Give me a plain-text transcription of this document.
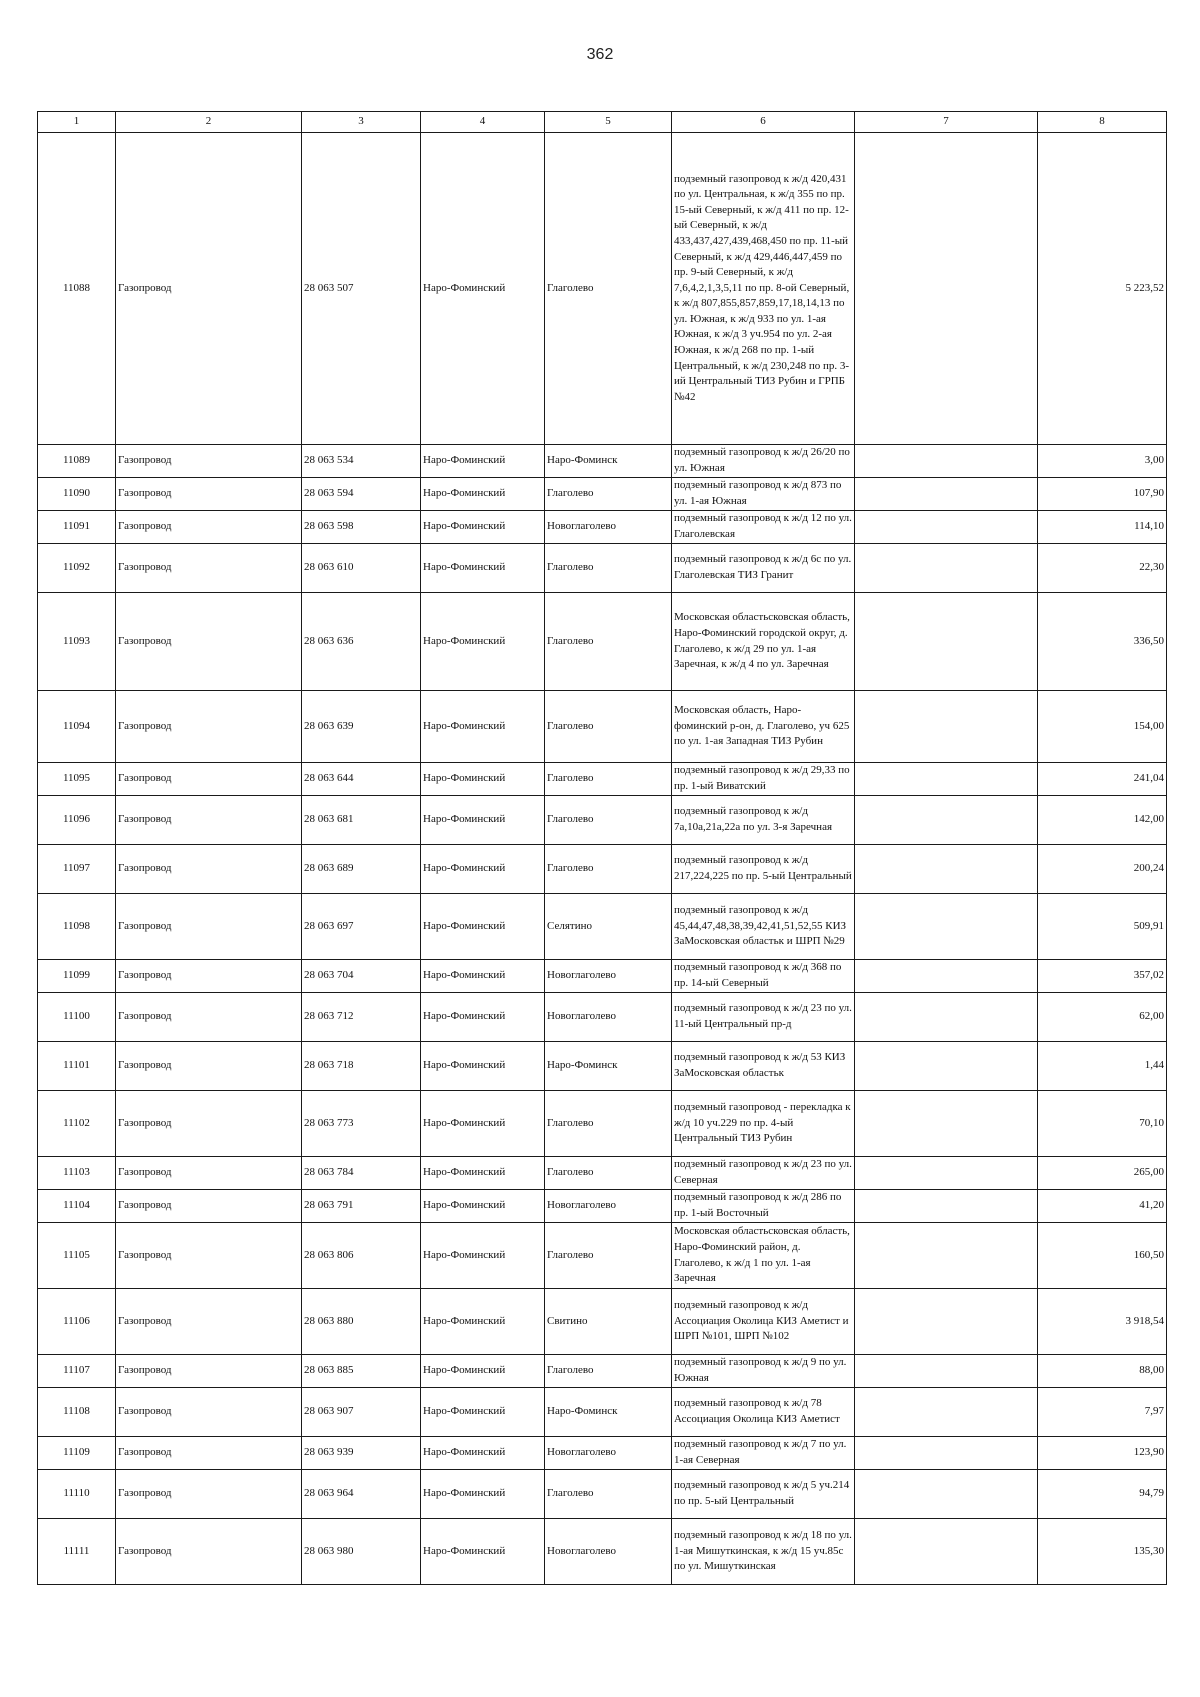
362
1	2	3	4	5	6	7	8
11088	Газопровод	28 063 507	Наро-Фоминский	Глаголево	подземный газопровод к ж/д 420,431 по ул. Центральная, к ж/д 355 по пр. 15-ый Северный, к ж/д 411 по пр. 12-ый Северный, к ж/д 433,437,427,439,468,450 по пр. 11-ый Северный, к ж/д 429,446,447,459 по пр. 9-ый Северный, к ж/д 7,6,4,2,1,3,5,11 по пр. 8-ой Северный, к ж/д 807,855,857,859,17,18,14,13 по ул. Южная, к ж/д 933 по ул. 1-ая Южная, к ж/д 3 уч.954 по ул. 2-ая Южная, к ж/д 268 по пр. 1-ый Центральный, к ж/д 230,248 по пр. 3-ий Центральный ТИЗ Рубин и ГРПБ №42		5 223,52
11089	Газопровод	28 063 534	Наро-Фоминский	Наро-Фоминск	подземный газопровод к ж/д 26/20 по ул. Южная		3,00
11090	Газопровод	28 063 594	Наро-Фоминский	Глаголево	подземный газопровод к ж/д 873 по ул. 1-ая Южная		107,90
11091	Газопровод	28 063 598	Наро-Фоминский	Новоглаголево	подземный газопровод к ж/д 12 по ул. Глаголевская		114,10
11092	Газопровод	28 063 610	Наро-Фоминский	Глаголево	подземный газопровод к ж/д 6с по ул. Глаголевская ТИЗ Гранит		22,30
11093	Газопровод	28 063 636	Наро-Фоминский	Глаголево	Московская областьсковская область, Наро-Фоминский городской округ, д. Глаголево, к ж/д 29 по ул. 1-ая Заречная, к ж/д 4 по ул. Заречная		336,50
11094	Газопровод	28 063 639	Наро-Фоминский	Глаголево	Московская область, Наро-фоминский р-он, д. Глаголево, уч 625 по ул. 1-ая Западная ТИЗ Рубин		154,00
11095	Газопровод	28 063 644	Наро-Фоминский	Глаголево	подземный газопровод к ж/д 29,33 по пр. 1-ый Виватский		241,04
11096	Газопровод	28 063 681	Наро-Фоминский	Глаголево	подземный газопровод к ж/д 7а,10а,21а,22а по ул. 3-я Заречная		142,00
11097	Газопровод	28 063 689	Наро-Фоминский	Глаголево	подземный газопровод к ж/д 217,224,225 по пр. 5-ый Центральный		200,24
11098	Газопровод	28 063 697	Наро-Фоминский	Селятино	подземный газопровод к ж/д 45,44,47,48,38,39,42,41,51,52,55 КИЗ ЗаМосковская областьк и ШРП №29		509,91
11099	Газопровод	28 063 704	Наро-Фоминский	Новоглаголево	подземный газопровод к ж/д 368 по пр. 14-ый Северный		357,02
11100	Газопровод	28 063 712	Наро-Фоминский	Новоглаголево	подземный газопровод к ж/д 23 по ул. 11-ый Центральный пр-д		62,00
11101	Газопровод	28 063 718	Наро-Фоминский	Наро-Фоминск	подземный газопровод к ж/д 53 КИЗ ЗаМосковская областьк		1,44
11102	Газопровод	28 063 773	Наро-Фоминский	Глаголево	подземный газопровод - перекладка к ж/д 10 уч.229 по пр. 4-ый Центральный ТИЗ Рубин		70,10
11103	Газопровод	28 063 784	Наро-Фоминский	Глаголево	подземный газопровод к ж/д 23 по ул. Северная		265,00
11104	Газопровод	28 063 791	Наро-Фоминский	Новоглаголево	подземный газопровод к ж/д 286 по пр. 1-ый Восточный		41,20
11105	Газопровод	28 063 806	Наро-Фоминский	Глаголево	Московская областьсковская область, Наро-Фоминский район, д. Глаголево, к ж/д 1 по ул. 1-ая Заречная		160,50
11106	Газопровод	28 063 880	Наро-Фоминский	Свитино	подземный газопровод к ж/д Ассоциация Околица КИЗ Аметист и ШРП №101, ШРП №102		3 918,54
11107	Газопровод	28 063 885	Наро-Фоминский	Глаголево	подземный газопровод к ж/д 9 по ул. Южная		88,00
11108	Газопровод	28 063 907	Наро-Фоминский	Наро-Фоминск	подземный газопровод к ж/д 78 Ассоциация Околица КИЗ Аметист		7,97
11109	Газопровод	28 063 939	Наро-Фоминский	Новоглаголево	подземный газопровод к ж/д 7 по ул. 1-ая Северная		123,90
11110	Газопровод	28 063 964	Наро-Фоминский	Глаголево	подземный газопровод к ж/д 5 уч.214 по пр. 5-ый Центральный		94,79
11111	Газопровод	28 063 980	Наро-Фоминский	Новоглаголево	подземный газопровод к ж/д 18 по ул. 1-ая Мишуткинская, к ж/д 15 уч.85с по ул. Мишуткинская		135,30
